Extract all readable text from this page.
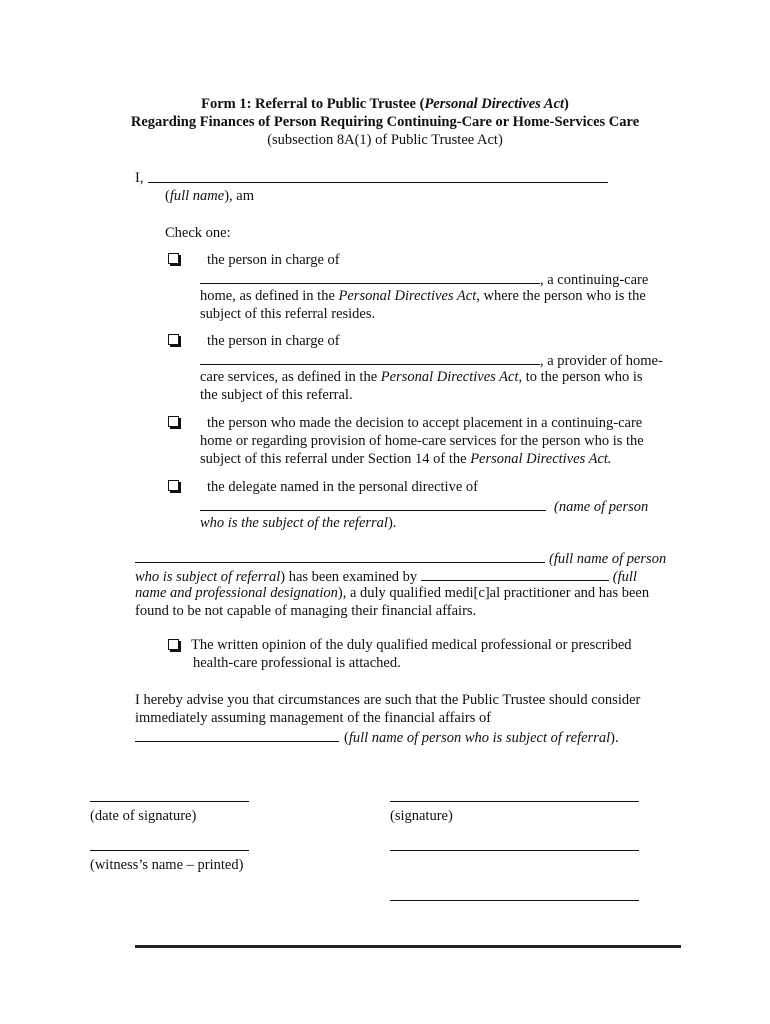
Form 1: Referral to Public Trustee (Personal Directives Act)
Regarding Finances of Person Requiring Continuing-Care or Home-Services Care
(subsection 8A(1) of Public Trustee Act)
I,
(full name), am
Check one:
the person in charge of
, a continuing-care
home, as defined in the Personal Directives Act, where the person who is the
subject of this referral resides.
the person in charge of
, a provider of home-
care services, as defined in the Personal Directives Act, to the person who is
the subject of this referral.
the person who made the decision to accept placement in a continuing-care
home or regarding provision of home-care services for the person who is the
subject of this referral under Section 14 of the Personal Directives Act.
the delegate named in the personal directive of
(name of person
who is the subject of the referral).
(full name of person
who is subject of referral) has been examined by	(full
name and professional designation), a duly qualified medi[c]al practitioner and has been
found to be not capable of managing their financial affairs.
The written opinion of the duly qualified medical professional or prescribed
health-care professional is attached.
I hereby advise you that circumstances are such that the Public Trustee should consider
immediately assuming management of the financial affairs of
(full name of person who is subject of referral).
(date of signature)	(signature)
(witness’s name – printed)
